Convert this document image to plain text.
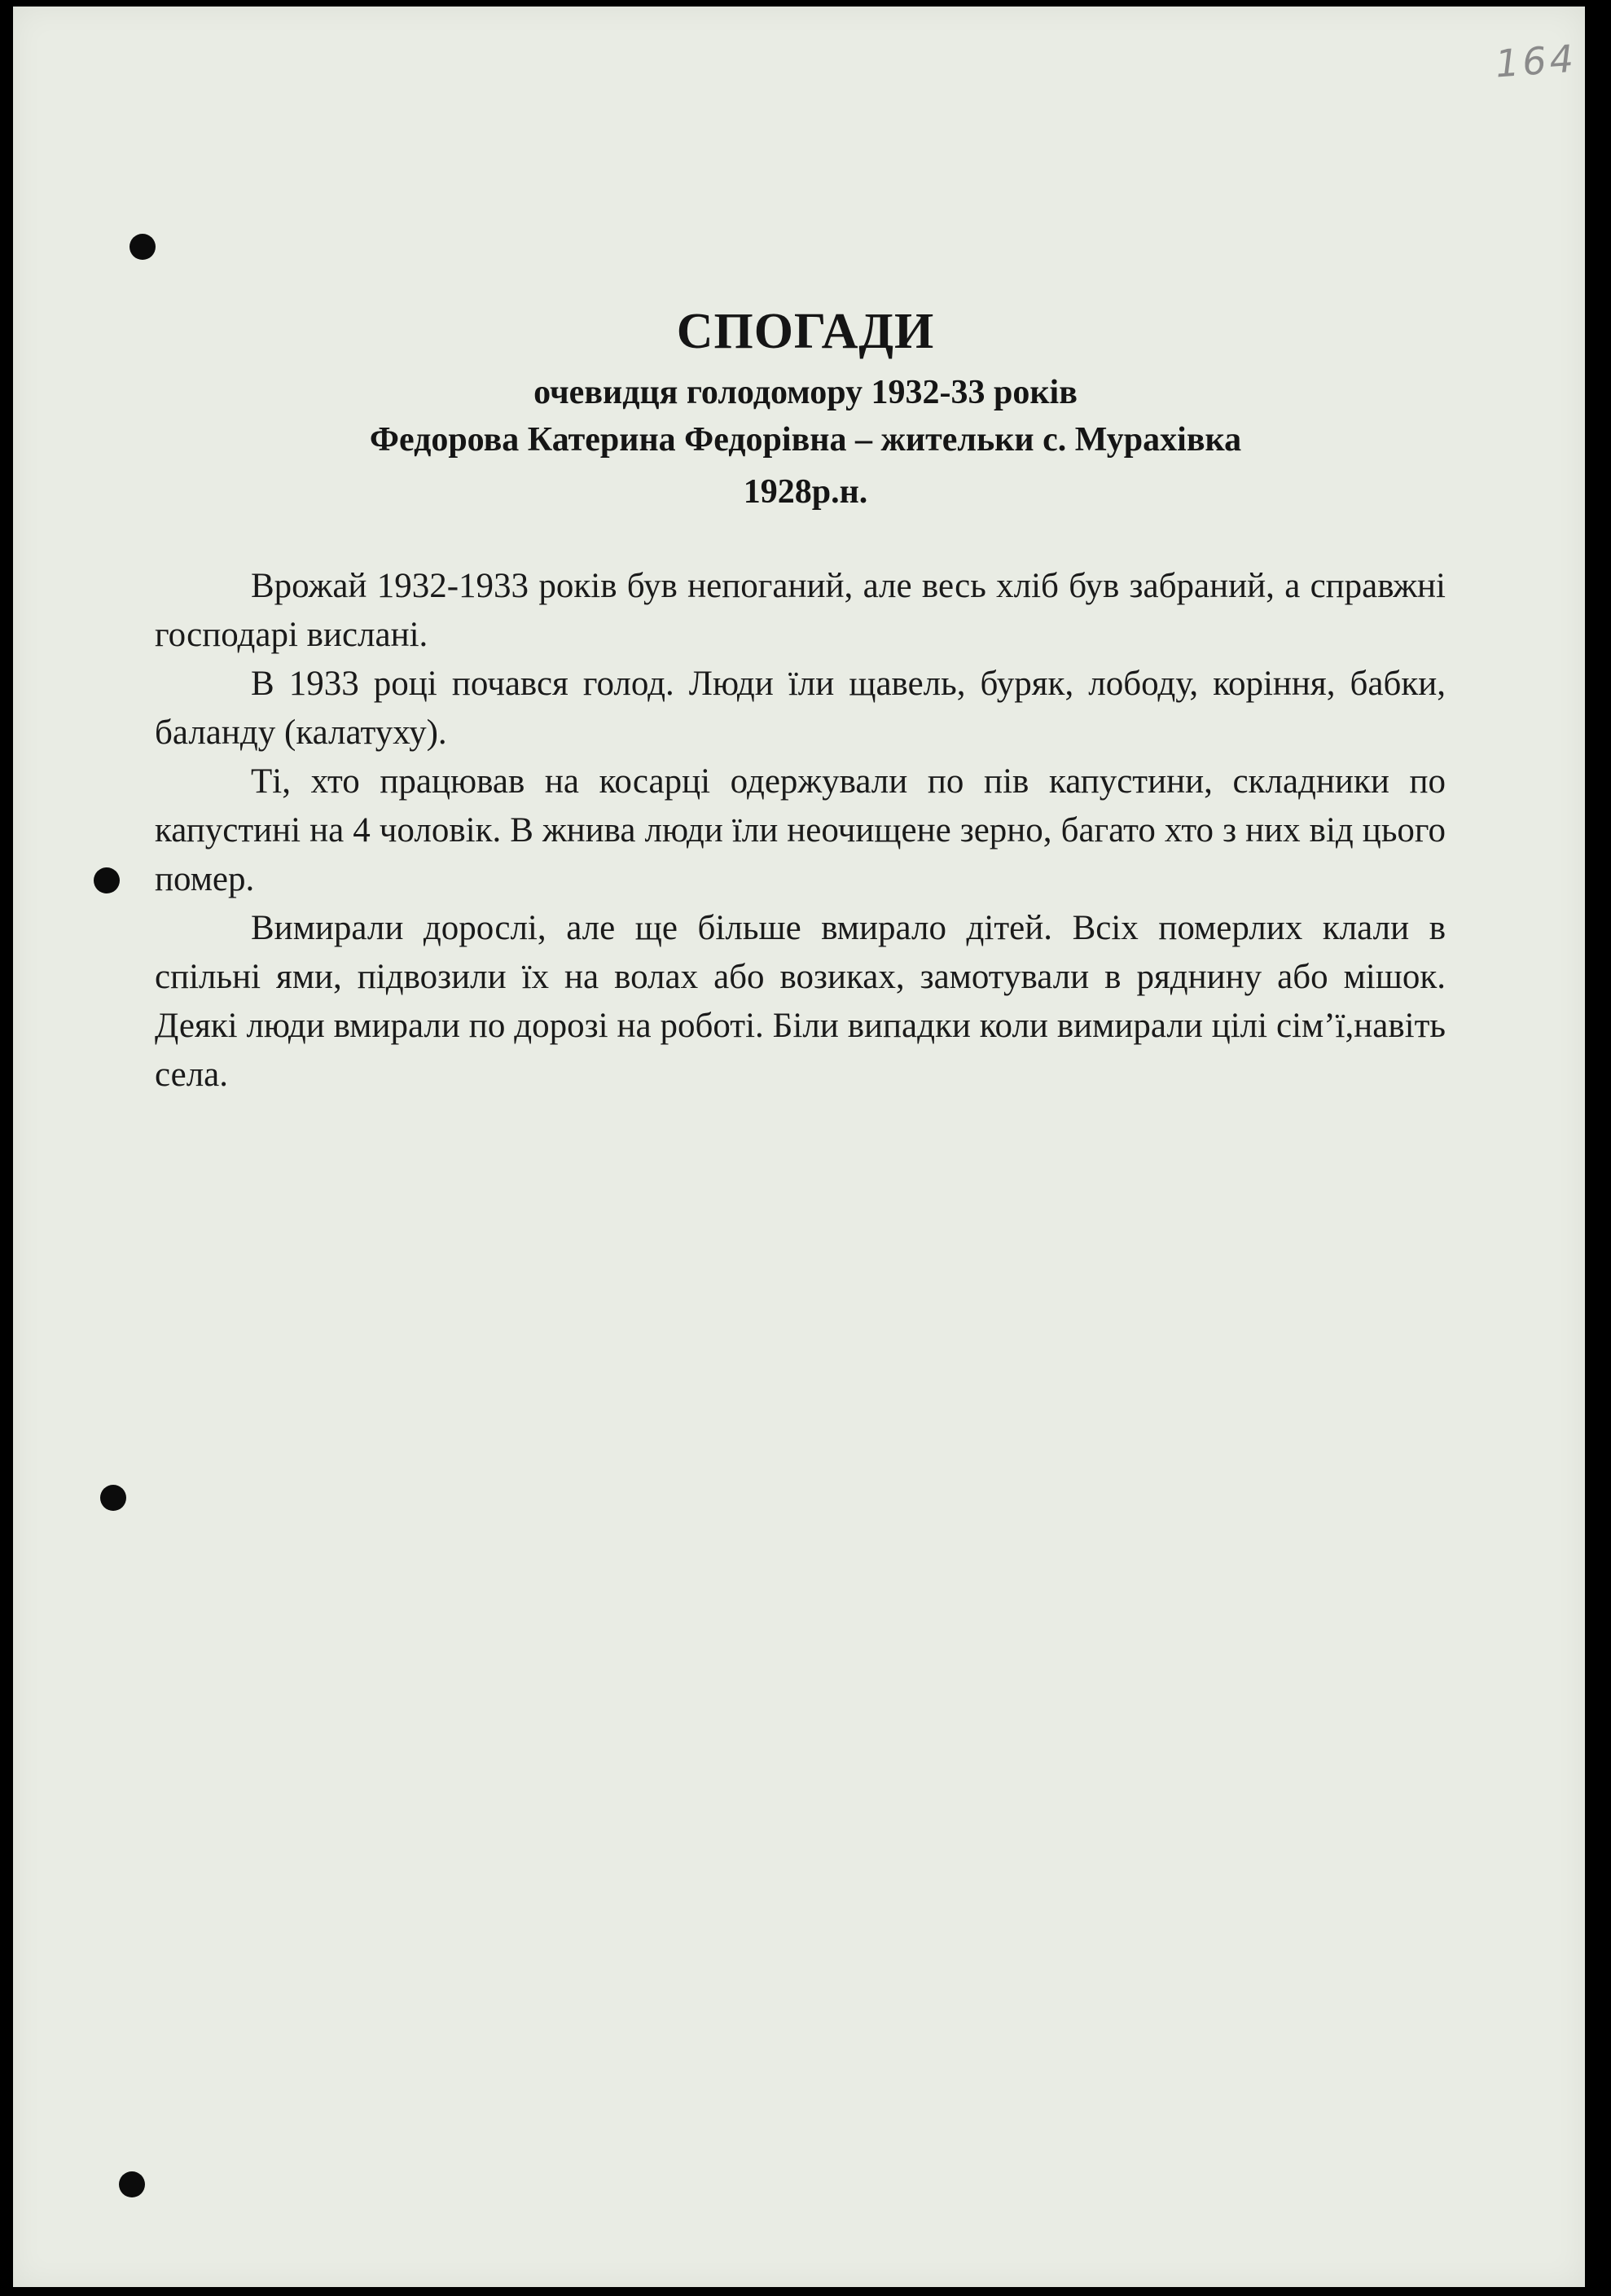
164
СПОГАДИ
очевидця голодомору 1932-33 років
Федорова Катерина Федорівна – жительки с. Мурахівка
1928р.н.

Врожай 1932-1933 років був непоганий, але весь хліб був забраний, а справжні господарі вислані.

В 1933 році почався голод. Люди їли щавель, буряк, лободу, коріння, бабки, баланду (калатуху).

Ті, хто працював на косарці одержували по пів капустини, складники по капустині на 4 чоловік. В жнива люди їли неочищене зерно, багато хто з них від цього помер.

Вимирали дорослі, але ще більше вмирало дітей. Всіх померлих клали в спільні ями, підвозили їх на волах або возиках, замотували в ряднину або мішок. Деякі люди вмирали по дорозі на роботі. Біли випадки коли вимирали цілі сім’ї,навіть села.
